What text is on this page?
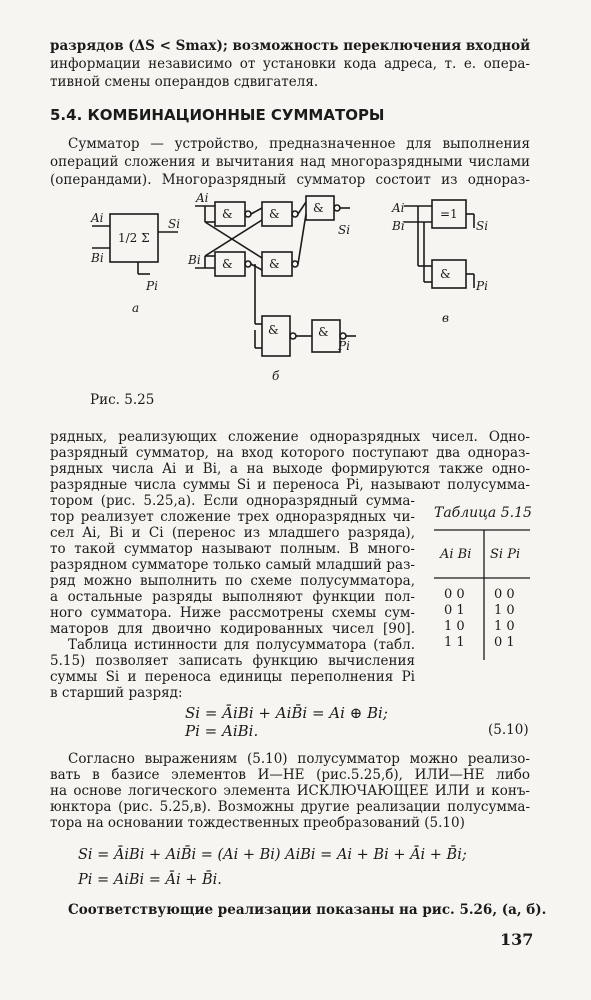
разрядов (ΔS < Smax); возможность переключения входной
информации независимо от установки кода адреса, т. е. опера-
тивной смены операндов сдвигателя.
5.4. КОМБИНАЦИОННЫЕ СУММАТОРЫ
Сумматор — устройство, предназначенное для выполнения
операций сложения и вычитания над многоразрядными числами
(операндами). Многоразрядный сумматор состоит из однораз-
1/2 Σ
Ai
Bi
Si
Pi
а
Ai
Bi
&	&	&
&	&
&	&
Si
Pi
б
Ai
Bi
=1
&
Si
Pi
в
Рис. 5.25
рядных, реализующих сложение одноразрядных чисел. Одно-
разрядный сумматор, на вход которого поступают два однораз-
рядных числа Ai и Bi, а на выходе формируются также одно-
разрядные числа суммы Si и переноса Pi, называют полусумма-
тором (рис. 5.25,а). Если одноразрядный сумма-
тор реализует сложение трех одноразрядных чи-
сел Ai, Bi и Ci (перенос из младшего разряда),
то такой сумматор называют полным. В много-
разрядном сумматоре только самый младший раз-
ряд можно выполнить по схеме полусумматора,
а остальные разряды выполняют функции пол-
ного сумматора. Ниже рассмотрены схемы сум-
маторов для двоично кодированных чисел [90].
Таблица истинности для полусумматора (табл.
5.15) позволяет записать функцию вычисления
суммы Si и переноса единицы переполнения Pi
в старший разряд:
Таблица 5.15
Ai Bi Si Pi
0 0 0 0
0 1 1 0
1 0 1 0
1 1 0 1
Si = ĀiBi + AiB̄i = Ai ⊕ Bi;
Pi = AiBi.	(5.10)
Согласно выражениям (5.10) полусумматор можно реализо-
вать в базисе элементов И—НЕ (рис.5.25,б), ИЛИ—НЕ либо
на основе логического элемента ИСКЛЮЧАЮЩЕЕ ИЛИ и конъ-
юнктора (рис. 5.25,в). Возможны другие реализации полусумма-
тора на основании тождественных преобразований (5.10)
Si = ĀiBi + AiB̄i = (Ai + Bi) AiBi = Ai + Bi + Āi + B̄i;
Pi = AiBi = Āi + B̄i.
Соответствующие реализации показаны на рис. 5.26, (а, б).
137
